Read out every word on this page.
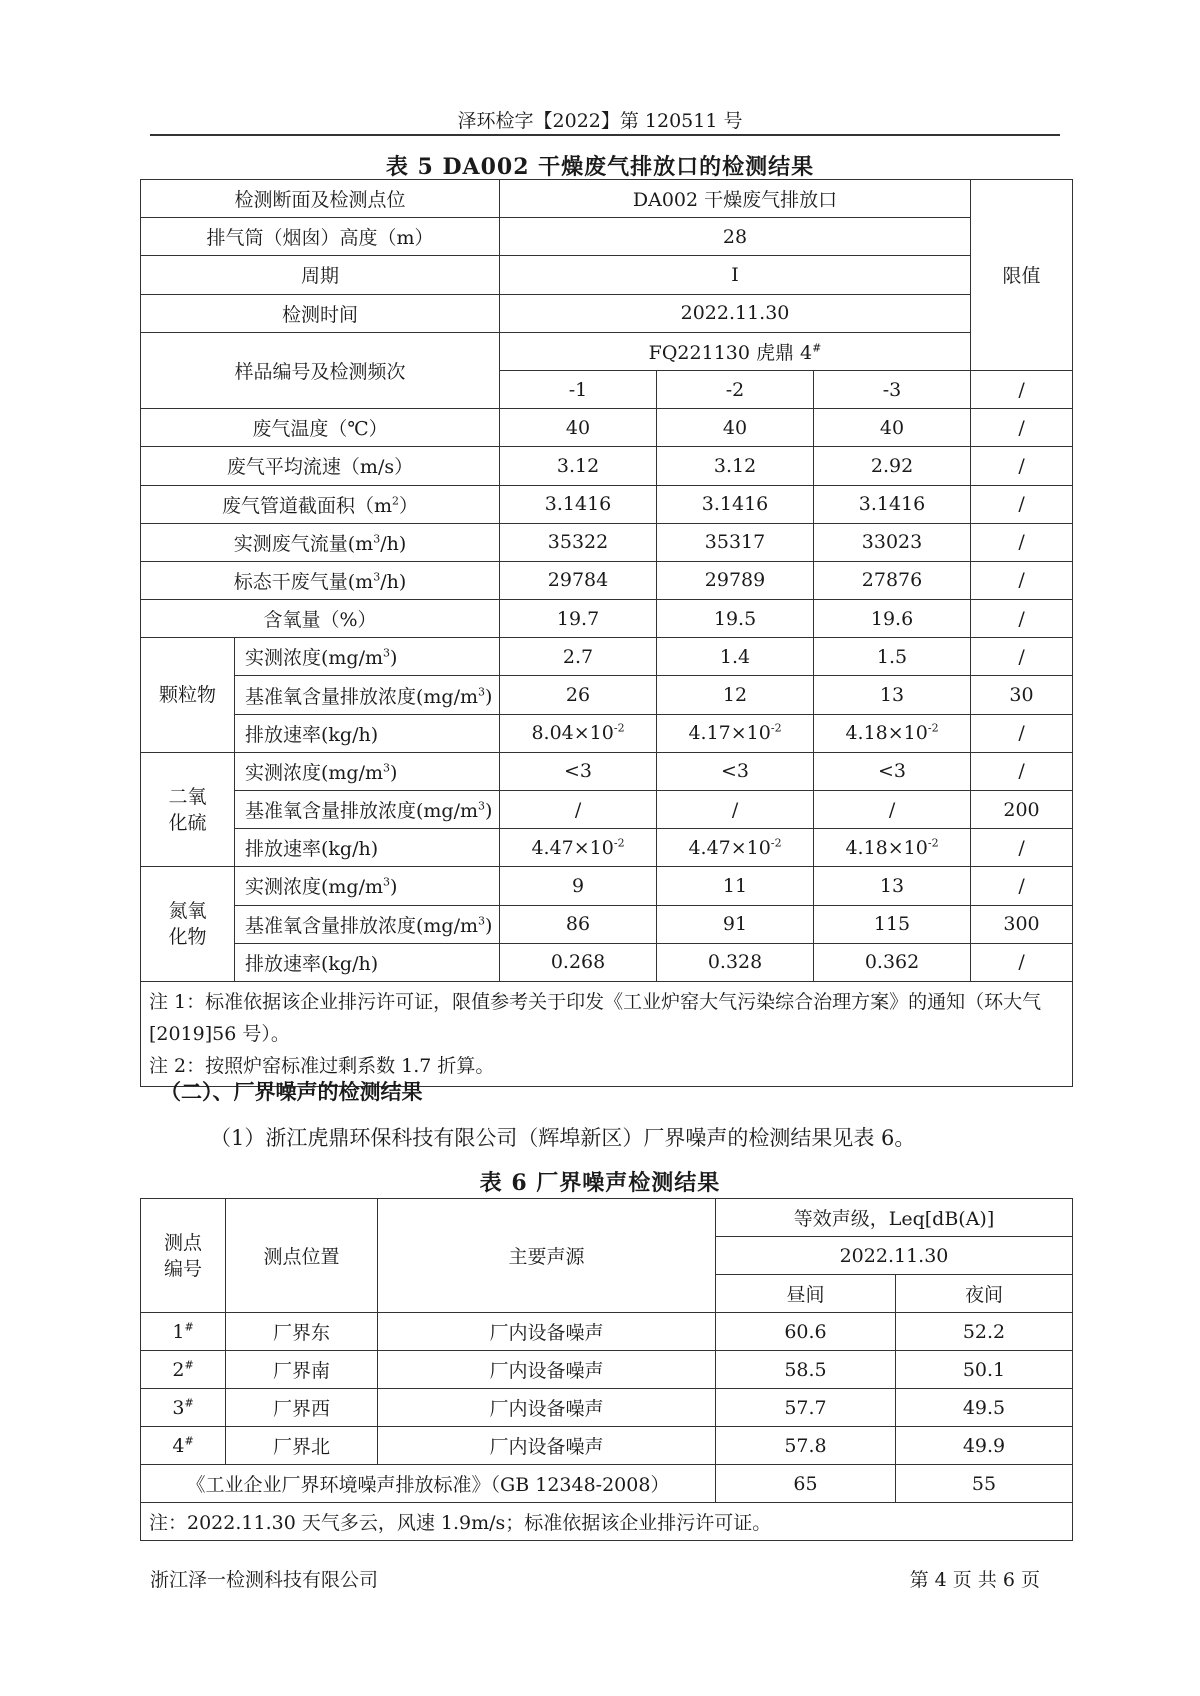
泽环检字【2022】第 120511 号
表 5 DA002 干燥废气排放口的检测结果
检测断面及检测点位		DA002 干燥废气排放口			限值
排气筒（烟囱）高度（m）		28			
周期		I			
检测时间		2022.11.30			
样品编号及检测频次		FQ221130 虎鼎 4#
		-1	-2	-3	/
废气温度（℃）		40	40	40	/
废气平均流速（m/s）		3.12	3.12	2.92	/
废气管道截面积$(m^2)$		3.1416	3.1416	3.1416	/
实测废气流量$(m^3/h)$		35322	35317	33023	/
标态干废气量$(m^3/h)$		29784	29789	27876	/
含氧量（%）		19.7	19.5	19.6	/
颗粒物	实测浓度$(mg/m^3)$	2.7	1.4	1.5	/
	基准氧含量排放浓度$(mg/m^3)$	26	12	13	30
	排放速率(kg/h)	$8.04\times 10^{-2}$	$4.17\times 10^{-2}$	$4.18\times 10^{-2}$	/
二氧
化硫	实测浓度$(mg/m^3)$	<3	<3	<3	/
	基准氧含量排放浓度$(mg/m^3)$	/	/	/	200
	排放速率(kg/h)	$4.47\times 10^{-2}$	$4.47\times 10^{-2}$	$4.18\times 10^{-2}$	/
氮氧
化物	实测浓度$(mg/m^3)$	9	11	13	/
	基准氧含量排放浓度$(mg/m^3)$	86	91	115	300
	排放速率(kg/h)	0.268	0.328	0.362	/

注 1：标准依据该企业排污许可证，限值参考关于印发《工业炉窑大气污染综合治理方案》的通知（环大气[2019]56 号）。
注 2：按照炉窑标准过剩系数 1.7 折算。					
（二）、厂界噪声的检测结果
（1）浙江虎鼎环保科技有限公司（辉埠新区）厂界噪声的检测结果见表 6。
表 6 厂界噪声检测结果
测点
编号	测点位置	主要声源	等效声级，Leq[dB(A)]	
			2022.11.30	
			昼间	夜间
1#	厂界东	厂内设备噪声	60.6	52.2
2#	厂界南	厂内设备噪声	58.5	50.1
3#	厂界西	厂内设备噪声	57.7	49.5
4#	厂界北	厂内设备噪声	57.8	49.9
《工业企业厂界环境噪声排放标准》（GB 12348-2008）			65	55
注：2022.11.30 天气多云，风速 1.9m/s；标准依据该企业排污许可证。				
浙江泽一检测科技有限公司	第 4 页 共 6 页
